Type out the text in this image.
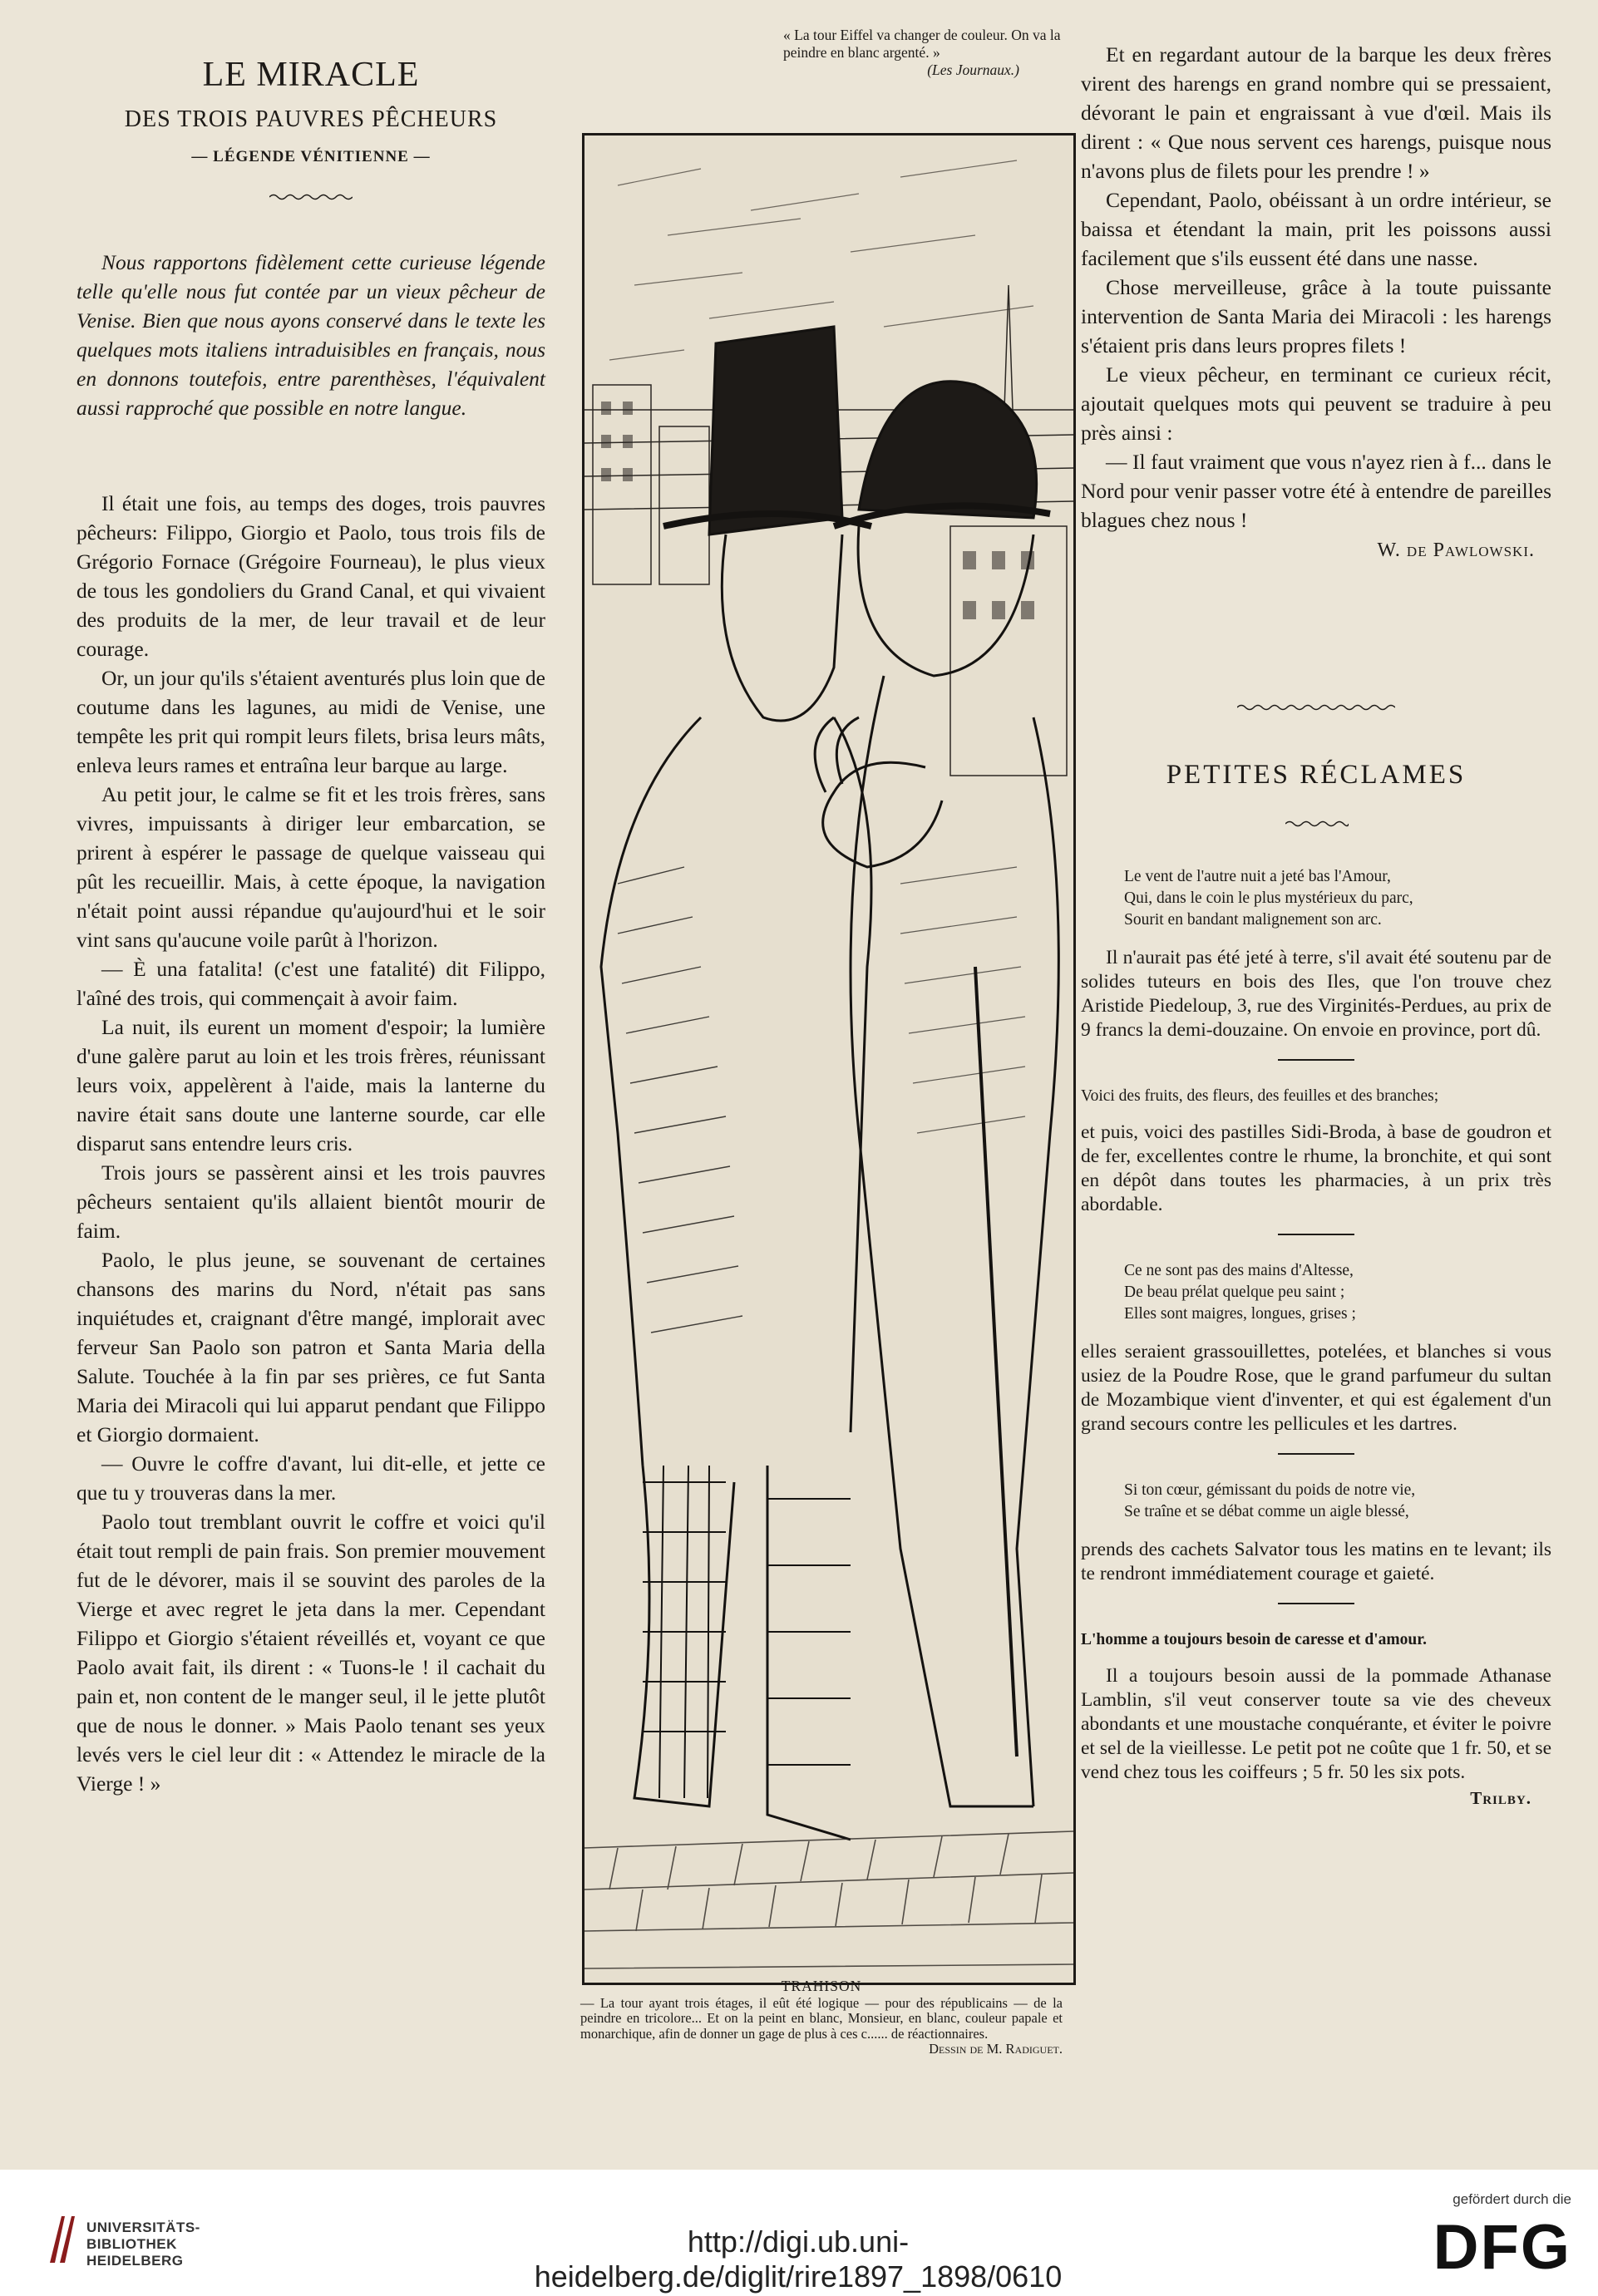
LE MIRACLE
DES TROIS PAUVRES PÊCHEURS
— LÉGENDE VÉNITIENNE —

Nous rapportons fidèlement cette curieuse légende telle qu'elle nous fut contée par un vieux pêcheur de Venise. Bien que nous ayons conservé dans le texte les quelques mots italiens intraduisibles en français, nous en donnons toutefois, entre parenthèses, l'équivalent aussi rapproché que possible en notre langue.

Il était une fois, au temps des doges, trois pauvres pêcheurs: Filippo, Giorgio et Paolo, tous trois fils de Grégorio Fornace (Grégoire Fourneau), le plus vieux de tous les gondoliers du Grand Canal, et qui vivaient des produits de la mer, de leur travail et de leur courage.

Or, un jour qu'ils s'étaient aventurés plus loin que de coutume dans les lagunes, au midi de Venise, une tempête les prit qui rompit leurs filets, brisa leurs mâts, enleva leurs rames et entraîna leur barque au large.

Au petit jour, le calme se fit et les trois frères, sans vivres, impuissants à diriger leur embarcation, se prirent à espérer le passage de quelque vaisseau qui pût les recueillir. Mais, à cette époque, la navigation n'était point aussi répandue qu'aujourd'hui et le soir vint sans qu'aucune voile parût à l'horizon.

— È una fatalita! (c'est une fatalité) dit Filippo, l'aîné des trois, qui commençait à avoir faim.

La nuit, ils eurent un moment d'espoir; la lumière d'une galère parut au loin et les trois frères, réunissant leurs voix, appelèrent à l'aide, mais la lanterne du navire était sans doute une lanterne sourde, car elle disparut sans entendre leurs cris.

Trois jours se passèrent ainsi et les trois pauvres pêcheurs sentaient qu'ils allaient bientôt mourir de faim.

Paolo, le plus jeune, se souvenant de certaines chansons des marins du Nord, n'était pas sans inquiétudes et, craignant d'être mangé, implorait avec ferveur San Paolo son patron et Santa Maria della Salute. Touchée à la fin par ses prières, ce fut Santa Maria dei Miracoli qui lui apparut pendant que Filippo et Giorgio dormaient.

— Ouvre le coffre d'avant, lui dit-elle, et jette ce que tu y trouveras dans la mer.

Paolo tout tremblant ouvrit le coffre et voici qu'il était tout rempli de pain frais. Son premier mouvement fut de le dévorer, mais il se souvint des paroles de la Vierge et avec regret le jeta dans la mer. Cependant Filippo et Giorgio s'étaient réveillés et, voyant ce que Paolo avait fait, ils dirent : « Tuons-le ! il cachait du pain et, non content de le manger seul, il le jette plutôt que de nous le donner. » Mais Paolo tenant ses yeux levés vers le ciel leur dit : « Attendez le miracle de la Vierge ! »

« La tour Eiffel va changer de couleur. On va la peindre en blanc argenté. »
(Les Journaux.)
TRAHISON
— La tour ayant trois étages, il eût été logique — pour des républicains — de la peindre en tricolore... Et on la peint en blanc, Monsieur, en blanc, couleur papale et monarchique, afin de donner un gage de plus à ces c...... de réactionnaires.
Dessin de M. Radiguet.

Et en regardant autour de la barque les deux frères virent des harengs en grand nombre qui se pressaient, dévorant le pain et engraissant à vue d'œil. Mais ils dirent : « Que nous servent ces harengs, puisque nous n'avons plus de filets pour les prendre ! »

Cependant, Paolo, obéissant à un ordre intérieur, se baissa et étendant la main, prit les poissons aussi facilement que s'ils eussent été dans une nasse.

Chose merveilleuse, grâce à la toute puissante intervention de Santa Maria dei Miracoli : les harengs s'étaient pris dans leurs propres filets !

Le vieux pêcheur, en terminant ce curieux récit, ajoutait quelques mots qui peuvent se traduire à peu près ainsi :

— Il faut vraiment que vous n'ayez rien à f... dans le Nord pour venir passer votre été à entendre de pareilles blagues chez nous !

W. de Pawlowski.
PETITES RÉCLAMES
Le vent de l'autre nuit a jeté bas l'Amour,
Qui, dans le coin le plus mystérieux du parc,
Sourit en bandant malignement son arc.

Il n'aurait pas été jeté à terre, s'il avait été soutenu par de solides tuteurs en bois des Iles, que l'on trouve chez Aristide Piedeloup, 3, rue des Virginités-Perdues, au prix de 9 francs la demi-douzaine. On envoie en province, port dû.

Voici des fruits, des fleurs, des feuilles et des branches;

et puis, voici des pastilles Sidi-Broda, à base de goudron et de fer, excellentes contre le rhume, la bronchite, et qui sont en dépôt dans toutes les pharmacies, à un prix très abordable.

Ce ne sont pas des mains d'Altesse,
De beau prélat quelque peu saint ;
Elles sont maigres, longues, grises ;

elles seraient grassouillettes, potelées, et blanches si vous usiez de la Poudre Rose, que le grand parfumeur du sultan de Mozambique vient d'inventer, et qui est également d'un grand secours contre les pellicules et les dartres.

Si ton cœur, gémissant du poids de notre vie,
Se traîne et se débat comme un aigle blessé,

prends des cachets Salvator tous les matins en te levant; ils te rendront immédiatement courage et gaieté.

L'homme a toujours besoin de caresse et d'amour.

Il a toujours besoin aussi de la pommade Athanase Lamblin, s'il veut conserver toute sa vie des cheveux abondants et une moustache conquérante, et éviter le poivre et sel de la vieillesse. Le petit pot ne coûte que 1 fr. 50, et se vend chez tous les coiffeurs ; 5 fr. 50 les six pots.

Trilby.
UNIVERSITÄTS-
BIBLIOTHEK
HEIDELBERG
http://digi.ub.uni-heidelberg.de/diglit/rire1897_1898/0610
gefördert durch die
DFG
